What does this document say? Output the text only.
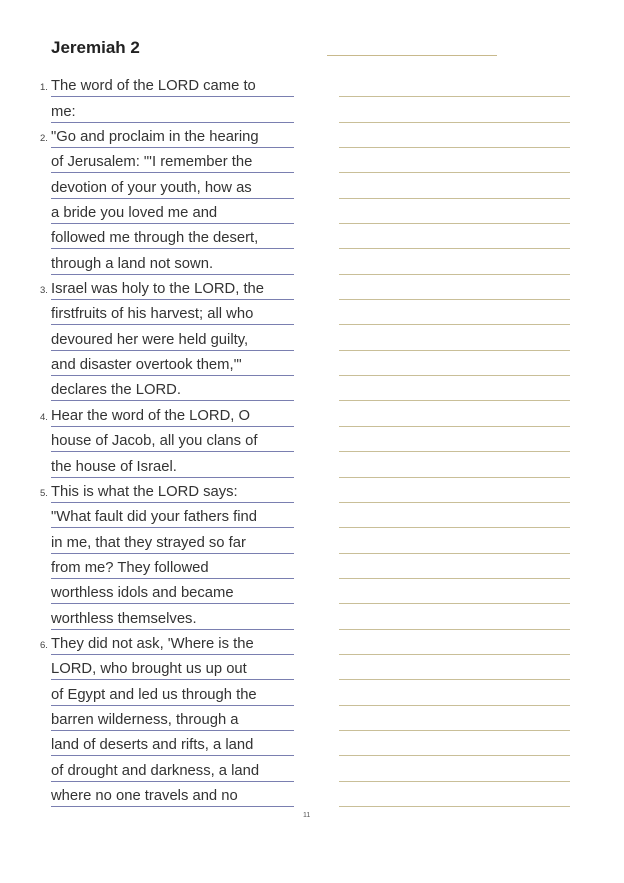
Jeremiah 2
1. The word of the LORD came to
me:
2. "Go and proclaim in the hearing
of Jerusalem: "'I remember the
devotion of your youth, how as
a bride you loved me and
followed me through the desert,
through a land not sown.
3. Israel was holy to the LORD, the
firstfruits of his harvest; all who
devoured her were held guilty,
and disaster overtook them,'"
declares the LORD.
4. Hear the word of the LORD, O
house of Jacob, all you clans of
the house of Israel.
5. This is what the LORD says:
"What fault did your fathers find
in me, that they strayed so far
from me? They followed
worthless idols and became
worthless themselves.
6. They did not ask, 'Where is the
LORD, who brought us up out
of Egypt and led us through the
barren wilderness, through a
land of deserts and rifts, a land
of drought and darkness, a land
where no one travels and no
11
